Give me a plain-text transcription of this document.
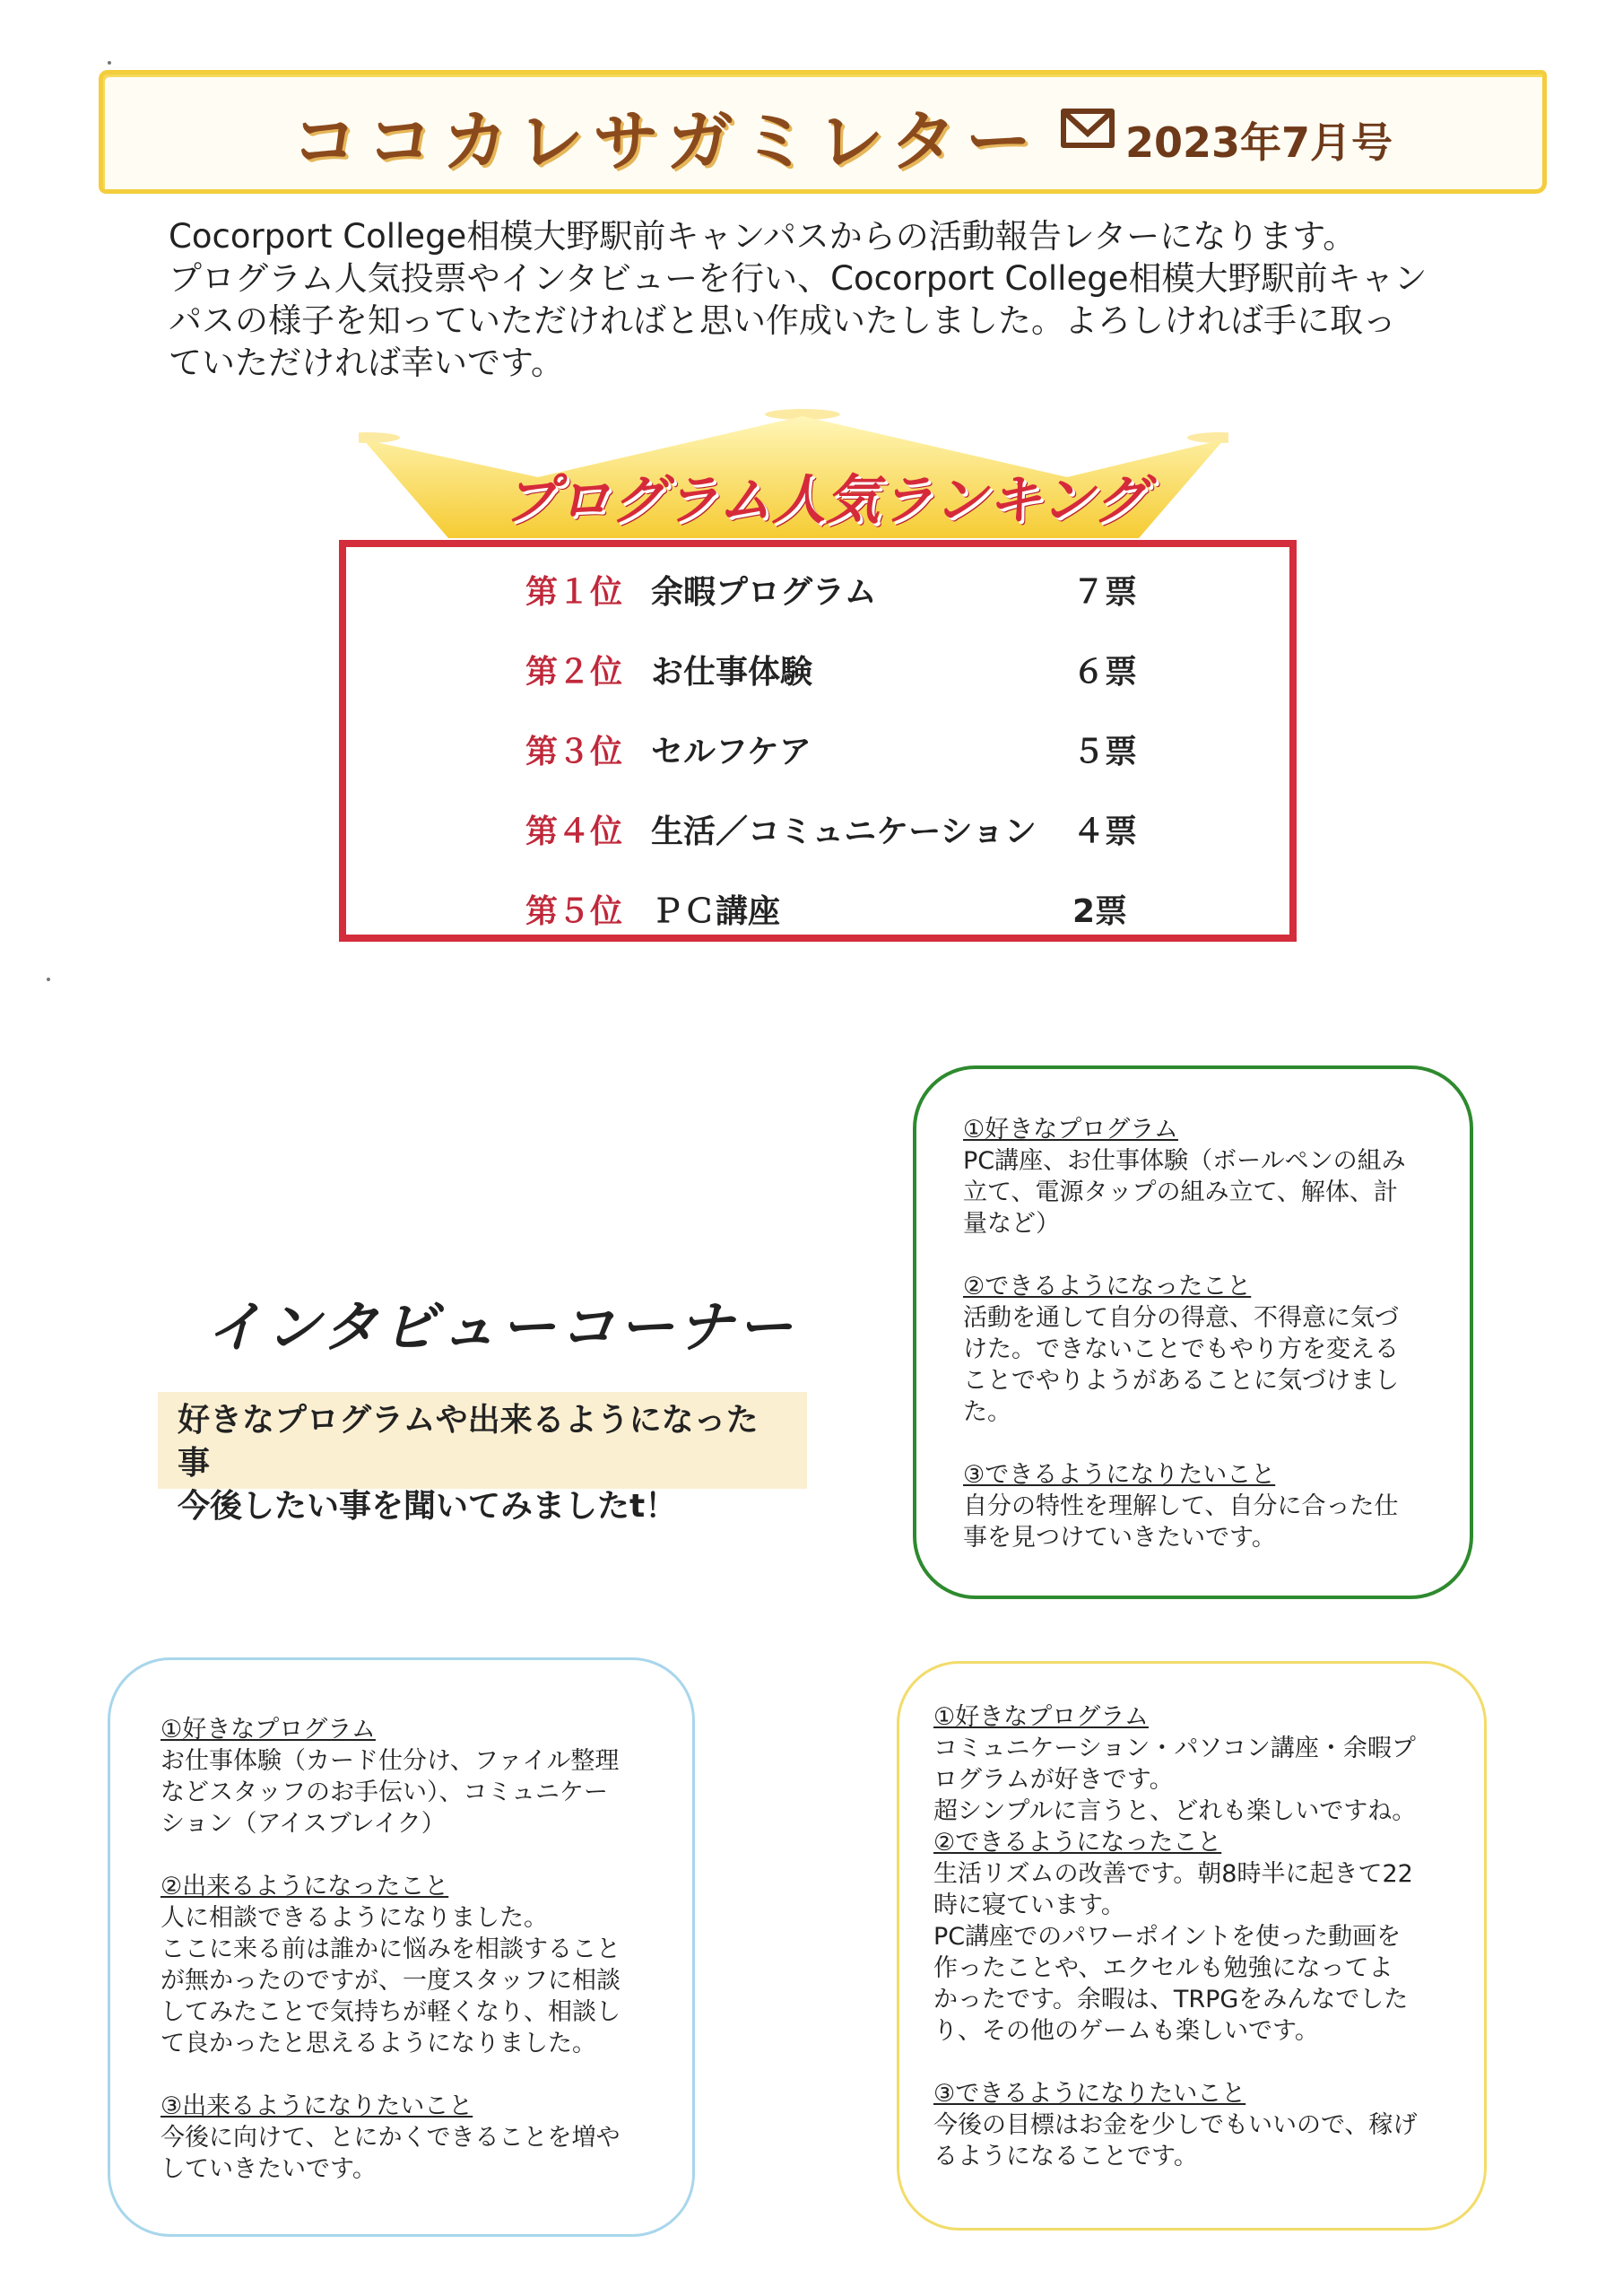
ココカレサガミレター 2023年7月号

Cocorport College相模大野駅前キャンパスからの活動報告レターになります。

プログラム人気投票やインタビューを行い、Cocorport College相模大野駅前キャン

パスの様子を知っていただければと思い作成いたしました。よろしければ手に取っ

ていただければ幸いです。

プログラム人気ランキング
第１位 余暇プログラム	７票
第２位 お仕事体験	６票
第３位 セルフケア	５票
第４位 生活／コミュニケーション ４票
第５位 ＰＣ講座	2票
インタビューコーナー
好きなプログラムや出来るようになった事
今後したい事を聞いてみましたt！

①好きなプログラム

PC講座、お仕事体験（ボールペンの組み

立て、電源タップの組み立て、解体、計

量など）

②できるようになったこと

活動を通して自分の得意、不得意に気づ

けた。できないことでもやり方を変える

ことでやりようがあることに気づけまし

た。

③できるようになりたいこと

自分の特性を理解して、自分に合った仕

事を見つけていきたいです。

①好きなプログラム

お仕事体験（カード仕分け、ファイル整理

などスタッフのお手伝い）、コミュニケー

ション（アイスブレイク）

②出来るようになったこと

人に相談できるようになりました。

ここに来る前は誰かに悩みを相談すること

が無かったのですが、一度スタッフに相談

してみたことで気持ちが軽くなり、相談し

て良かったと思えるようになりました。

③出来るようになりたいこと

今後に向けて、とにかくできることを増や

していきたいです。

①好きなプログラム

コミュニケーション・パソコン講座・余暇プ

ログラムが好きです。

超シンプルに言うと、どれも楽しいですね。

②できるようになったこと

生活リズムの改善です。朝8時半に起きて22

時に寝ています。

PC講座でのパワーポイントを使った動画を

作ったことや、エクセルも勉強になってよ

かったです。余暇は、TRPGをみんなでした

り、その他のゲームも楽しいです。

③できるようになりたいこと

今後の目標はお金を少しでもいいので、稼げ

るようになることです。
